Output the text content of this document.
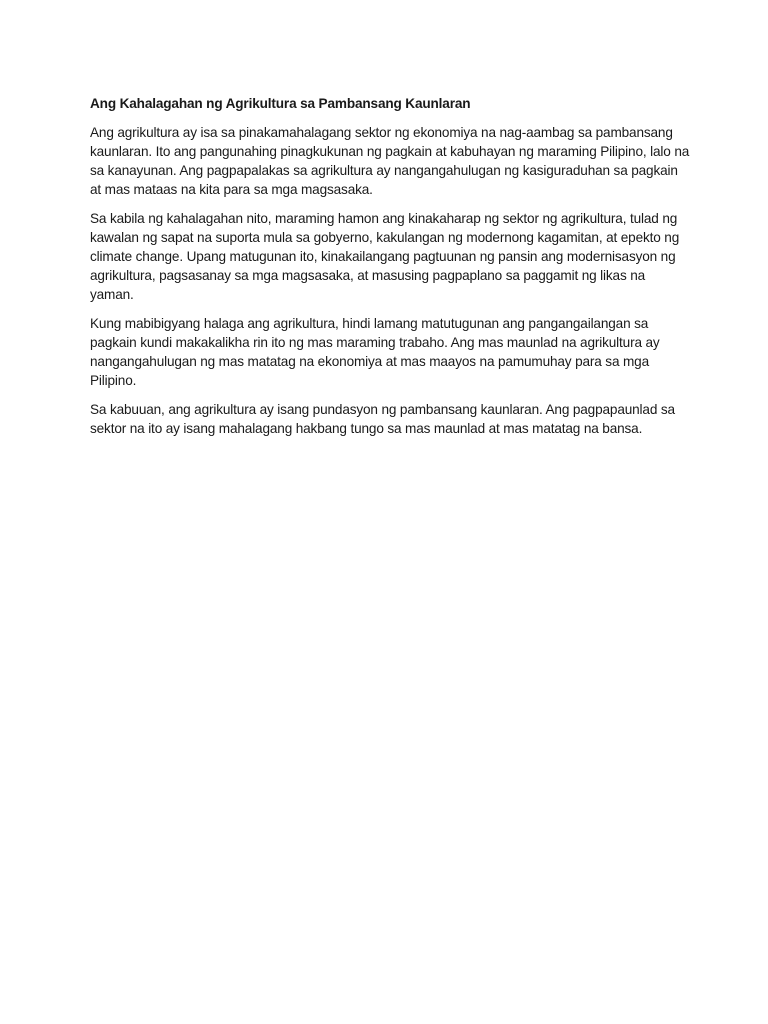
Ang Kahalagahan ng Agrikultura sa Pambansang Kaunlaran

Ang agrikultura ay isa sa pinakamahalagang sektor ng ekonomiya na nag-aambag sa pambansang kaunlaran. Ito ang pangunahing pinagkukunan ng pagkain at kabuhayan ng maraming Pilipino, lalo na sa kanayunan. Ang pagpapalakas sa agrikultura ay nangangahulugan ng kasiguraduhan sa pagkain at mas mataas na kita para sa mga magsasaka.

Sa kabila ng kahalagahan nito, maraming hamon ang kinakaharap ng sektor ng agrikultura, tulad ng kawalan ng sapat na suporta mula sa gobyerno, kakulangan ng modernong kagamitan, at epekto ng climate change. Upang matugunan ito, kinakailangang pagtuunan ng pansin ang modernisasyon ng agrikultura, pagsasanay sa mga magsasaka, at masusing pagpaplano sa paggamit ng likas na yaman.

Kung mabibigyang halaga ang agrikultura, hindi lamang matutugunan ang pangangailangan sa pagkain kundi makakalikha rin ito ng mas maraming trabaho. Ang mas maunlad na agrikultura ay nangangahulugan ng mas matatag na ekonomiya at mas maayos na pamumuhay para sa mga Pilipino.

Sa kabuuan, ang agrikultura ay isang pundasyon ng pambansang kaunlaran. Ang pagpapaunlad sa sektor na ito ay isang mahalagang hakbang tungo sa mas maunlad at mas matatag na bansa.
